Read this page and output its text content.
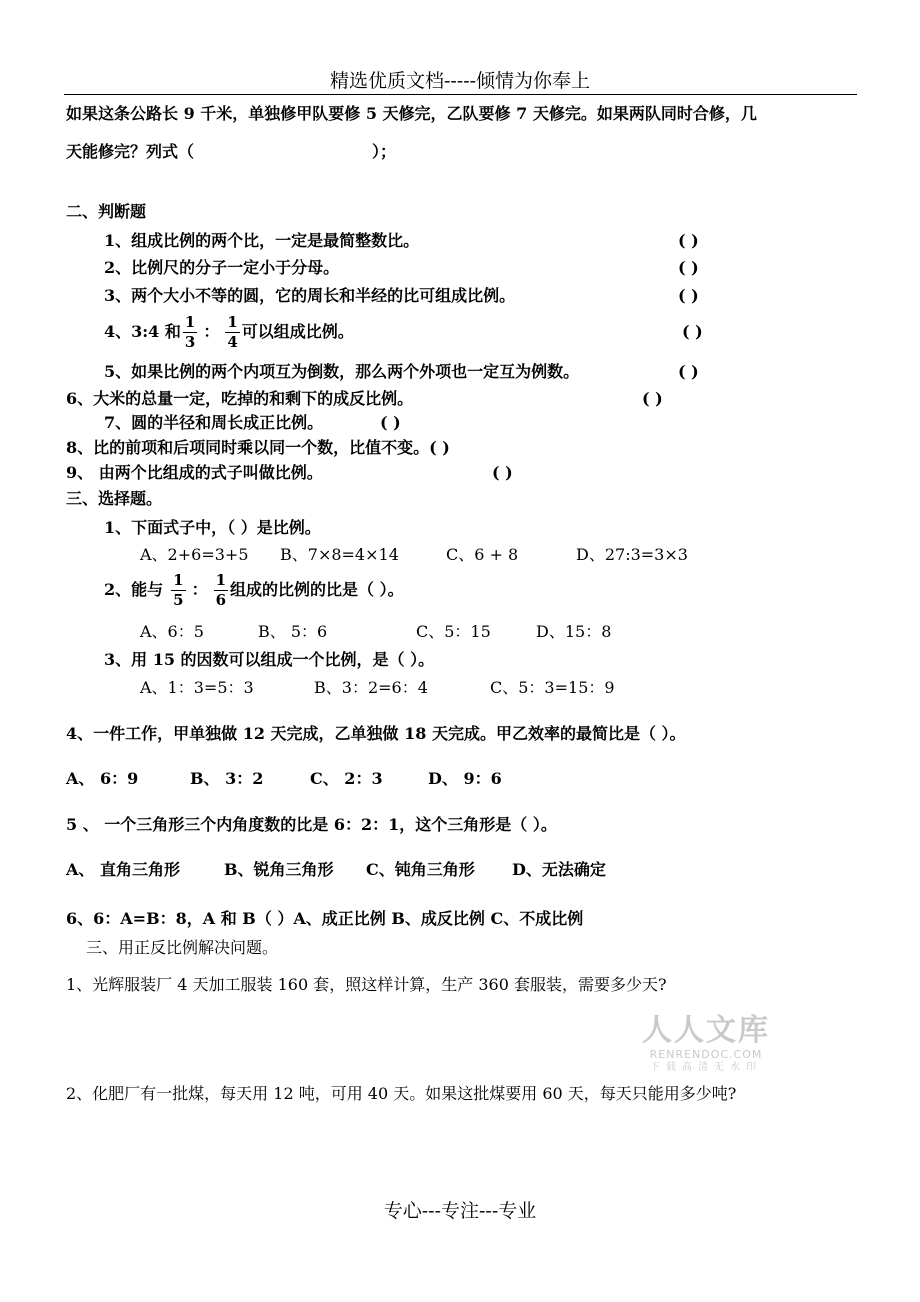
精选优质文档-----倾情为你奉上
如果这条公路长 9 千米，单独修甲队要修 5 天修完，乙队要修 7 天修完。如果两队同时合修，几
天能修完？列式（	）；
二、判断题
1、组成比例的两个比，一定是最简整数比。	( )
2、比例尺的分子一定小于分母。	( )
3、两个大小不等的圆，它的周长和半经的比可组成比例。	( )
4、3:4 和 $\frac{1}{3}$ ： $\frac{1}{4}$ 可以组成比例。	( )
5、如果比例的两个内项互为倒数，那么两个外项也一定互为例数。	( )
6、大米的总量一定，吃掉的和剩下的成反比例。	( )
7、圆的半径和周长成正比例。	( )
8、比的前项和后项同时乘以同一个数，比值不变。( )
9、 由两个比组成的式子叫做比例。	( )
三、选择题。
1、下面式子中，（ ）是比例。
A、2+6=3+5 B、7×8=4×14	C、6 + 8	D、27:3=3×3
2、能与 $\frac{1}{5}$ ： $\frac{1}{6}$ 组成的比例的比是（ ）。
A、6：5	B、 5：6	C、5：15	D、15：8
3、用 15 的因数可以组成一个比例，是（ ）。
A、1：3=5：3	B、3：2=6：4	C、5：3=15：9
4、一件工作，甲单独做 12 天完成，乙单独做 18 天完成。甲乙效率的最简比是（ ）。
A、 6：9	B、 3：2	C、 2：3	D、 9：6
5 、 一个三角形三个内角度数的比是 6：2：1，这个三角形是（ ）。
A、 直角三角形	B、锐角三角形 C、钝角三角形 D、无法确定
6、6：A=B：8，A 和 B（ ）A、成正比例 B、成反比例 C、不成比例
三、用正反比例解决问题。
1、光辉服装厂 4 天加工服装 160 套，照这样计算，生产 360 套服装，需要多少天?
人人文库
RENRENDOC.COM
下载高清无水印
2、化肥厂有一批煤，每天用 12 吨，可用 40 天。如果这批煤要用 60 天，每天只能用多少吨?
专心---专注---专业
